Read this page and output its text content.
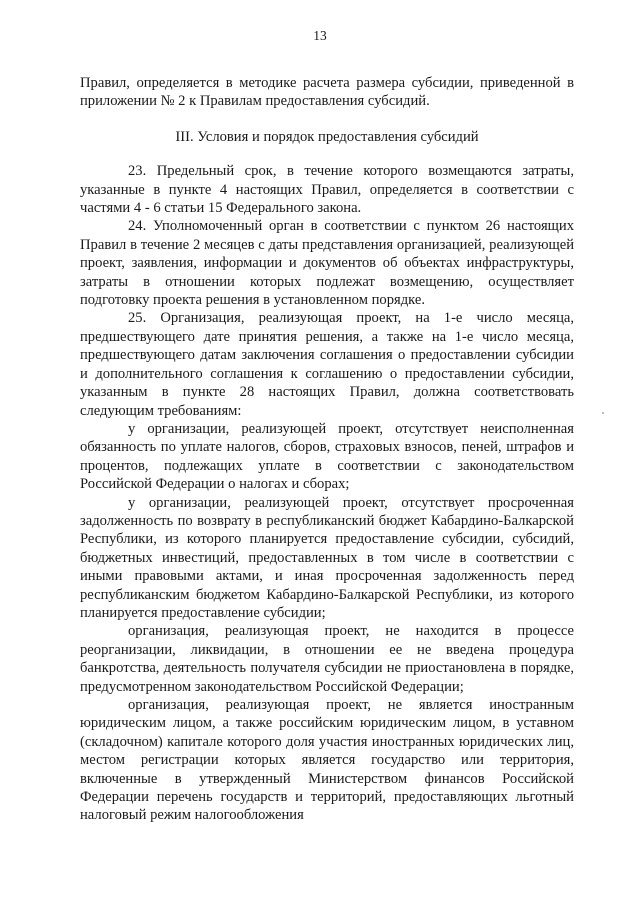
13

Правил, определяется в методике расчета размера субсидии, приведенной в приложении № 2 к Правилам предоставления субсидий.

III. Условия и порядок предоставления субсидий

23. Предельный срок, в течение которого возмещаются затраты, указанные в пункте 4 настоящих Правил, определяется в соответствии с частями 4 - 6 статьи 15 Федерального закона.

24. Уполномоченный орган в соответствии с пунктом 26 настоящих Правил в течение 2 месяцев с даты представления организацией, реализующей проект, заявления, информации и документов об объектах инфраструктуры, затраты в отношении которых подлежат возмещению, осуществляет подготовку проекта решения в установленном порядке.

25. Организация, реализующая проект, на 1-е число месяца, предшествующего дате принятия решения, а также на 1-е число месяца, предшествующего датам заключения соглашения о предоставлении субсидии и дополнительного соглашения к соглашению о предоставлении субсидии, указанным в пункте 28 настоящих Правил, должна соответствовать следующим требованиям:

у организации, реализующей проект, отсутствует неисполненная обязанность по уплате налогов, сборов, страховых взносов, пеней, штрафов и процентов, подлежащих уплате в соответствии с законодательством Российской Федерации о налогах и сборах;

у организации, реализующей проект, отсутствует просроченная задолженность по возврату в республиканский бюджет Кабардино-Балкарской Республики, из которого планируется предоставление субсидии, субсидий, бюджетных инвестиций, предоставленных в том числе в соответствии с иными правовыми актами, и иная просроченная задолженность перед республиканским бюджетом Кабардино-Балкарской Республики, из которого планируется предоставление субсидии;

организация, реализующая проект, не находится в процессе реорганизации, ликвидации, в отношении ее не введена процедура банкротства, деятельность получателя субсидии не приостановлена в порядке, предусмотренном законодательством Российской Федерации;

организация, реализующая проект, не является иностранным юридическим лицом, а также российским юридическим лицом, в уставном (складочном) капитале которого доля участия иностранных юридических лиц, местом регистрации которых является государство или территория, включенные в утвержденный Министерством финансов Российской Федерации перечень государств и территорий, предоставляющих льготный налоговый режим налогообложения
